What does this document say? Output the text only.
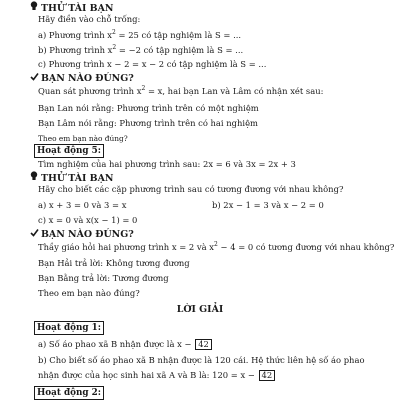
THỬ TÀI BẠN
Hãy điền vào chỗ trống:
a) Phương trình $x^2 = 25$ có tập nghiệm là S = ...
b) Phương trình $x^2 = -2$ có tập nghiệm là S = ...
c) Phương trình x − 2 = x − 2 có tập nghiệm là S = ...
BẠN NÀO ĐÚNG?
Quan sát phương trình $x^2 = x$, hai bạn Lan và Lâm có nhận xét sau:
Bạn Lan nói rằng: Phương trình trên có một nghiệm
Bạn Lâm nói rằng: Phương trình trên có hai nghiệm
Theo em bạn nào đúng?
Hoạt động 5:
Tìm nghiệm của hai phương trình sau: 2x = 6 và 3x = 2x + 3
THỬ TÀI BẠN
Hãy cho biết các cặp phương trình sau có tương đương với nhau không?
a) x + 3 = 0 và 3 = x	b) 2x − 1 = 3 và x − 2 = 0
c) x = 0 và x(x − 1) = 0
BẠN NÀO ĐÚNG?
Thầy giáo hỏi hai phương trình x = 2 và $x^2 - 4 = 0$ có tương đương với nhau không?
Bạn Hải trả lời: Không tương đương
Bạn Bằng trả lời: Tương đương
Theo em bạn nào đúng?
LỜI GIẢI
Hoạt động 1:
a) Số áo phao xã B nhận được là x − 42
b) Cho biết số áo phao xã B nhận được là 120 cái. Hệ thức liên hệ số áo phao
nhận được của học sinh hai xã A và B là: 120 = x − 42
Hoạt động 2:
